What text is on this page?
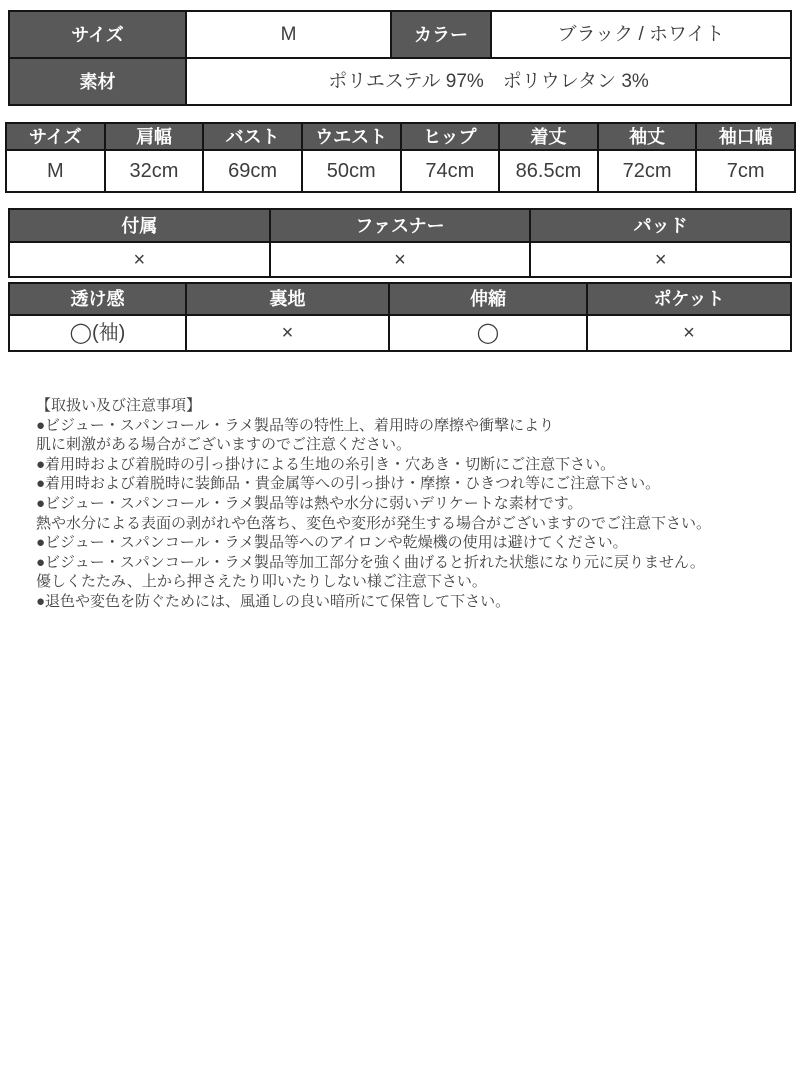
サイズ	M	カラー	ブラック / ホワイト
素材	ポリエステル 97%　ポリウレタン 3%
サイズ	肩幅	バスト	ウエスト	ヒップ	着丈	袖丈	袖口幅
M	32cm	69cm	50cm	74cm	86.5cm	72cm	7cm
付属	ファスナー	パッド
×	×	×
透け感	裏地	伸縮	ポケット
◯(袖)	×	◯	×
【取扱い及び注意事項】
●ビジュー・スパンコール・ラメ製品等の特性上、着用時の摩擦や衝撃により
肌に刺激がある場合がございますのでご注意ください。
●着用時および着脱時の引っ掛けによる生地の糸引き・穴あき・切断にご注意下さい。
●着用時および着脱時に装飾品・貴金属等への引っ掛け・摩擦・ひきつれ等にご注意下さい。
●ビジュー・スパンコール・ラメ製品等は熱や水分に弱いデリケートな素材です。
熱や水分による表面の剥がれや色落ち、変色や変形が発生する場合がございますのでご注意下さい。
●ビジュー・スパンコール・ラメ製品等へのアイロンや乾燥機の使用は避けてください。
●ビジュー・スパンコール・ラメ製品等加工部分を強く曲げると折れた状態になり元に戻りません。
優しくたたみ、上から押さえたり叩いたりしない様ご注意下さい。
●退色や変色を防ぐためには、風通しの良い暗所にて保管して下さい。
